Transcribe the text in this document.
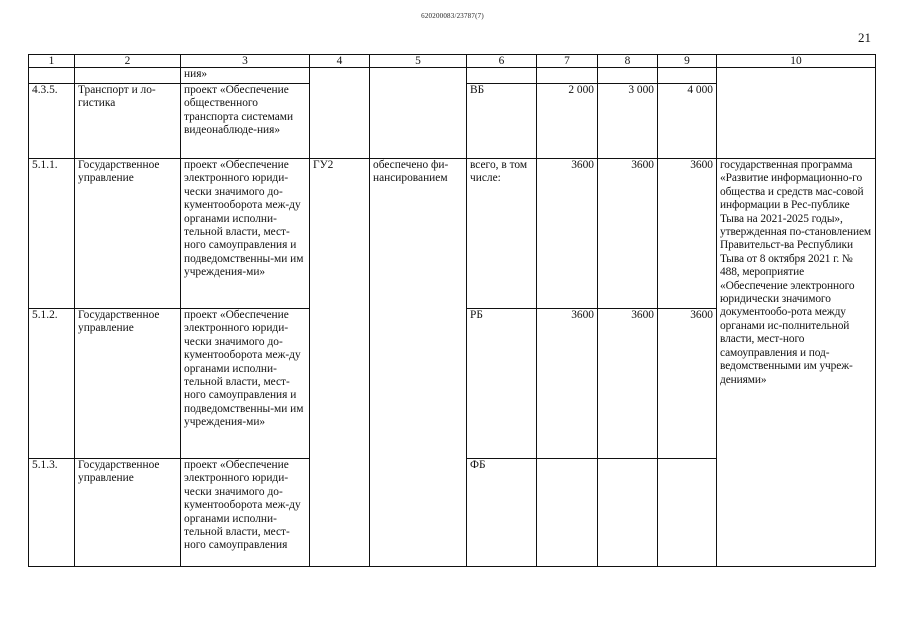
620200083/23787(7)
21
1	2	3	4	5	6	7	8	9	10
		ния»							
4.3.5.	Транспорт и ло-гистика	проект «Обеспечение общественного транспорта системами видеонаблюде-ния»			ВБ	2 000	3 000	4 000	
5.1.1.	Государственное управление	проект «Обеспечение электронного юриди-чески значимого до-кументооборота меж-ду органами исполни-тельной власти, мест-ного самоуправления и подведомственны-ми им учреждения-ми»	ГУ2	обеспечено фи-нансированием	всего, в том числе:	3600	3600	3600	государственная программа «Развитие информационно-го общества и средств мас-совой информации в Рес-публике Тыва на 2021-2025 годы», утвержденная по-становлением Правительст-ва Республики Тыва от 8 октября 2021 г. № 488, мероприятие «Обеспечение электронного юридически значимого документообо-рота между органами ис-полнительной власти, мест-ного самоуправления и под-ведомственными им учреж-дениями»
5.1.2.	Государственное управление	проект «Обеспечение электронного юриди-чески значимого до-кументооборота меж-ду органами исполни-тельной власти, мест-ного самоуправления и подведомственны-ми им учреждения-ми»			РБ	3600	3600	3600	
5.1.3.	Государственное управление	проект «Обеспечение электронного юриди-чески значимого до-кументооборота меж-ду органами исполни-тельной власти, мест-ного самоуправления			ФБ				
